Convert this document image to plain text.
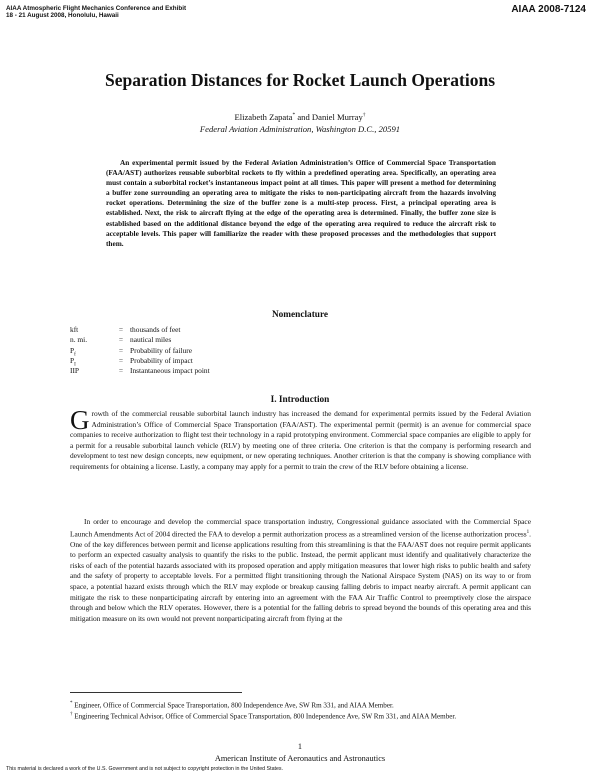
AIAA Atmospheric Flight Mechanics Conference and Exhibit
18 - 21 August 2008, Honolulu, Hawaii
AIAA 2008-7124
Separation Distances for Rocket Launch Operations
Elizabeth Zapata* and Daniel Murray†
Federal Aviation Administration, Washington D.C., 20591

An experimental permit issued by the Federal Aviation Administration’s Office of Commercial Space Transportation (FAA/AST) authorizes reusable suborbital rockets to fly within a predefined operating area. Specifically, an operating area must contain a suborbital rocket’s instantaneous impact point at all times. This paper will present a method for determining a buffer zone surrounding an operating area to mitigate the risks to non-participating aircraft from the hazards involving rocket operations. Determining the size of the buffer zone is a multi-step process. First, a principal operating area is established. Next, the risk to aircraft flying at the edge of the operating area is determined. Finally, the buffer zone size is established based on the additional distance beyond the edge of the operating area required to reduce the aircraft risk to acceptable levels. This paper will familiarize the reader with these proposed processes and the methodologies that support them.

Nomenclature
kft	= thousands of feet
n. mi.	= nautical miles
$P_f$	= Probability of failure
$P_I$	= Probability of impact
IIP	= Instantaneous impact point
I. Introduction

Growth of the commercial reusable suborbital launch industry has increased the demand for experimental permits issued by the Federal Aviation Administration’s Office of Commercial Space Transportation (FAA/AST). The experimental permit (permit) is an avenue for commercial space companies to receive authorization to flight test their technology in a rapid prototyping environment. Commercial space companies are eligible to apply for a permit for a reusable suborbital launch vehicle (RLV) by meeting one of three criteria. One criterion is that the company is performing research and development to test new design concepts, new equipment, or new operating techniques. Another criterion is that the company is showing compliance with requirements for obtaining a license. Lastly, a company may apply for a permit to train the crew of the RLV before obtaining a license.

In order to encourage and develop the commercial space transportation industry, Congressional guidance associated with the Commercial Space Launch Amendments Act of 2004 directed the FAA to develop a permit authorization process as a streamlined version of the license authorization process$^1$. One of the key differences between permit and license applications resulting from this streamlining is that the FAA/AST does not require permit applicants to perform an expected casualty analysis to quantify the risks to the public. Instead, the permit applicant must identify and qualitatively characterize the risks of each of the potential hazards associated with its proposed operation and apply mitigation measures that lower high risks to public health and safety and the safety of property to acceptable levels. For a permitted flight transitioning through the National Airspace System (NAS) on its way to or from space, a potential hazard exists through which the RLV may explode or breakup causing falling debris to impact nearby aircraft. A permit applicant can mitigate the risk to these nonparticipating aircraft by entering into an agreement with the FAA Air Traffic Control to preemptively close the airspace through and below which the RLV operates. However, there is a potential for the falling debris to spread beyond the bounds of this operating area and this mitigation measure on its own would not prevent nonparticipating aircraft from flying at the

* Engineer, Office of Commercial Space Transportation, 800 Independence Ave, SW Rm 331, and AIAA Member.
† Engineering Technical Advisor, Office of Commercial Space Transportation, 800 Independence Ave, SW Rm 331, and AIAA Member.
1
American Institute of Aeronautics and Astronautics
This material is declared a work of the U.S. Government and is not subject to copyright protection in the United States.
